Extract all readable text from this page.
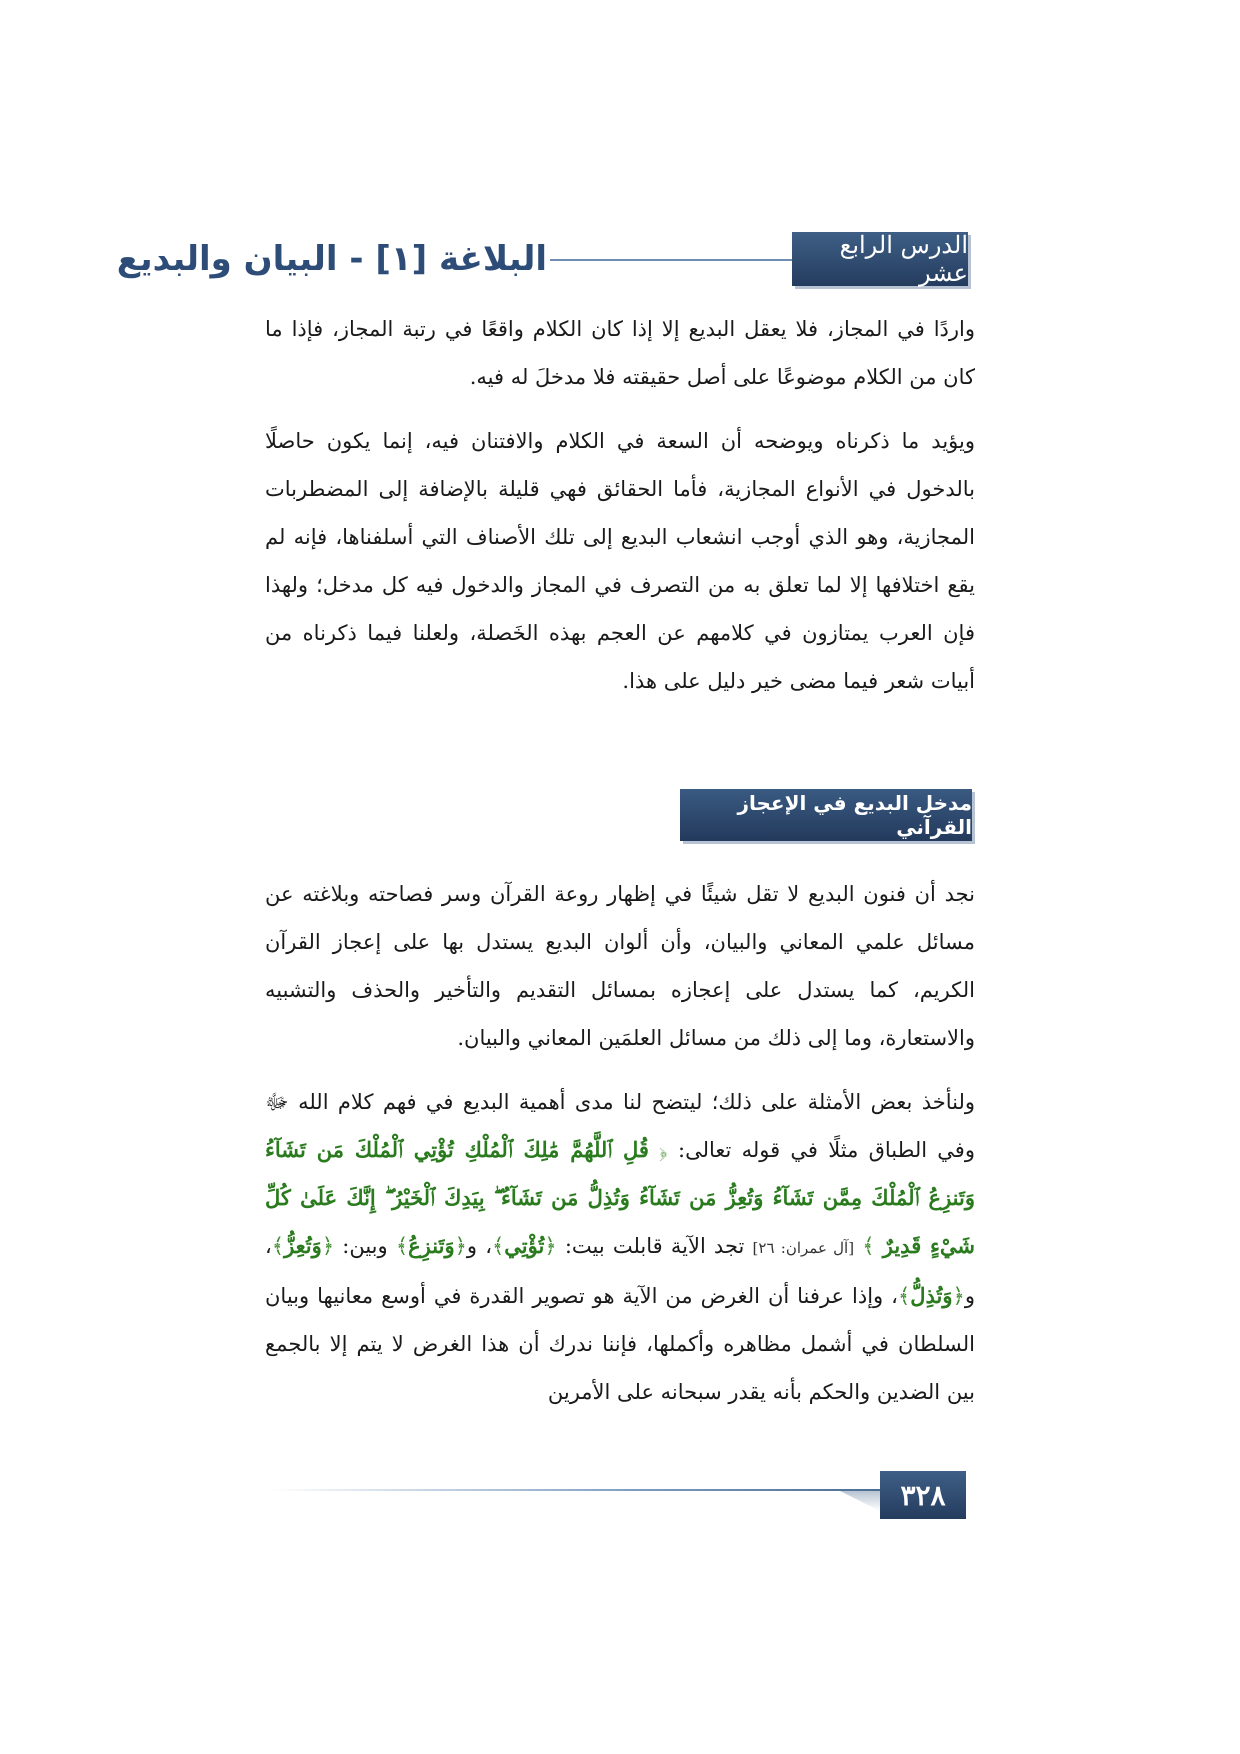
الدرس الرابع عشر
البلاغة [١] - البيان والبديع

واردًا في المجاز، فلا يعقل البديع إلا إذا كان الكلام واقعًا في رتبة المجاز، فإذا ما كان من الكلام موضوعًا على أصل حقيقته فلا مدخلَ له فيه.

ويؤيد ما ذكرناه ويوضحه أن السعة في الكلام والافتنان فيه، إنما يكون حاصلًا بالدخول في الأنواع المجازية، فأما الحقائق فهي قليلة بالإضافة إلى المضطربات المجازية، وهو الذي أوجب انشعاب البديع إلى تلك الأصناف التي أسلفناها، فإنه لم يقع اختلافها إلا لما تعلق به من التصرف في المجاز والدخول فيه كل مدخل؛ ولهذا فإن العرب يمتازون في كلامهم عن العجم بهذه الخَصلة، ولعلنا فيما ذكرناه من أبيات شعر فيما مضى خير دليل على هذا.

مدخل البديع في الإعجاز القرآني

نجد أن فنون البديع لا تقل شيئًا في إظهار روعة القرآن وسر فصاحته وبلاغته عن مسائل علمي المعاني والبيان، وأن ألوان البديع يستدل بها على إعجاز القرآن الكريم، كما يستدل على إعجازه بمسائل التقديم والتأخير والحذف والتشبيه والاستعارة، وما إلى ذلك من مسائل العلمَين المعاني والبيان.

ولنأخذ بعض الأمثلة على ذلك؛ ليتضح لنا مدى أهمية البديع في فهم كلام الله ﷻ وفي الطباق مثلًا في قوله تعالى: ﴿ قُلِ ٱللَّهُمَّ مَٰلِكَ ٱلْمُلْكِ تُؤْتِي ٱلْمُلْكَ مَن تَشَآءُ وَتَنزِعُ ٱلْمُلْكَ مِمَّن تَشَآءُ وَتُعِزُّ مَن تَشَآءُ وَتُذِلُّ مَن تَشَآءُ ۖ بِيَدِكَ ٱلْخَيْرُ ۖ إِنَّكَ عَلَىٰ كُلِّ شَيْءٍ قَدِيرٌ ﴾ [آل عمران: ٢٦] تجد الآية قابلت بيت: ﴿تُؤْتِي﴾، و﴿وَتَنزِعُ﴾ وبين: ﴿وَتُعِزُّ﴾، و﴿وَتُذِلُّ﴾، وإذا عرفنا أن الغرض من الآية هو تصوير القدرة في أوسع معانيها وبيان السلطان في أشمل مظاهره وأكملها، فإننا ندرك أن هذا الغرض لا يتم إلا بالجمع بين الضدين والحكم بأنه يقدر سبحانه على الأمرين

٣٢٨
